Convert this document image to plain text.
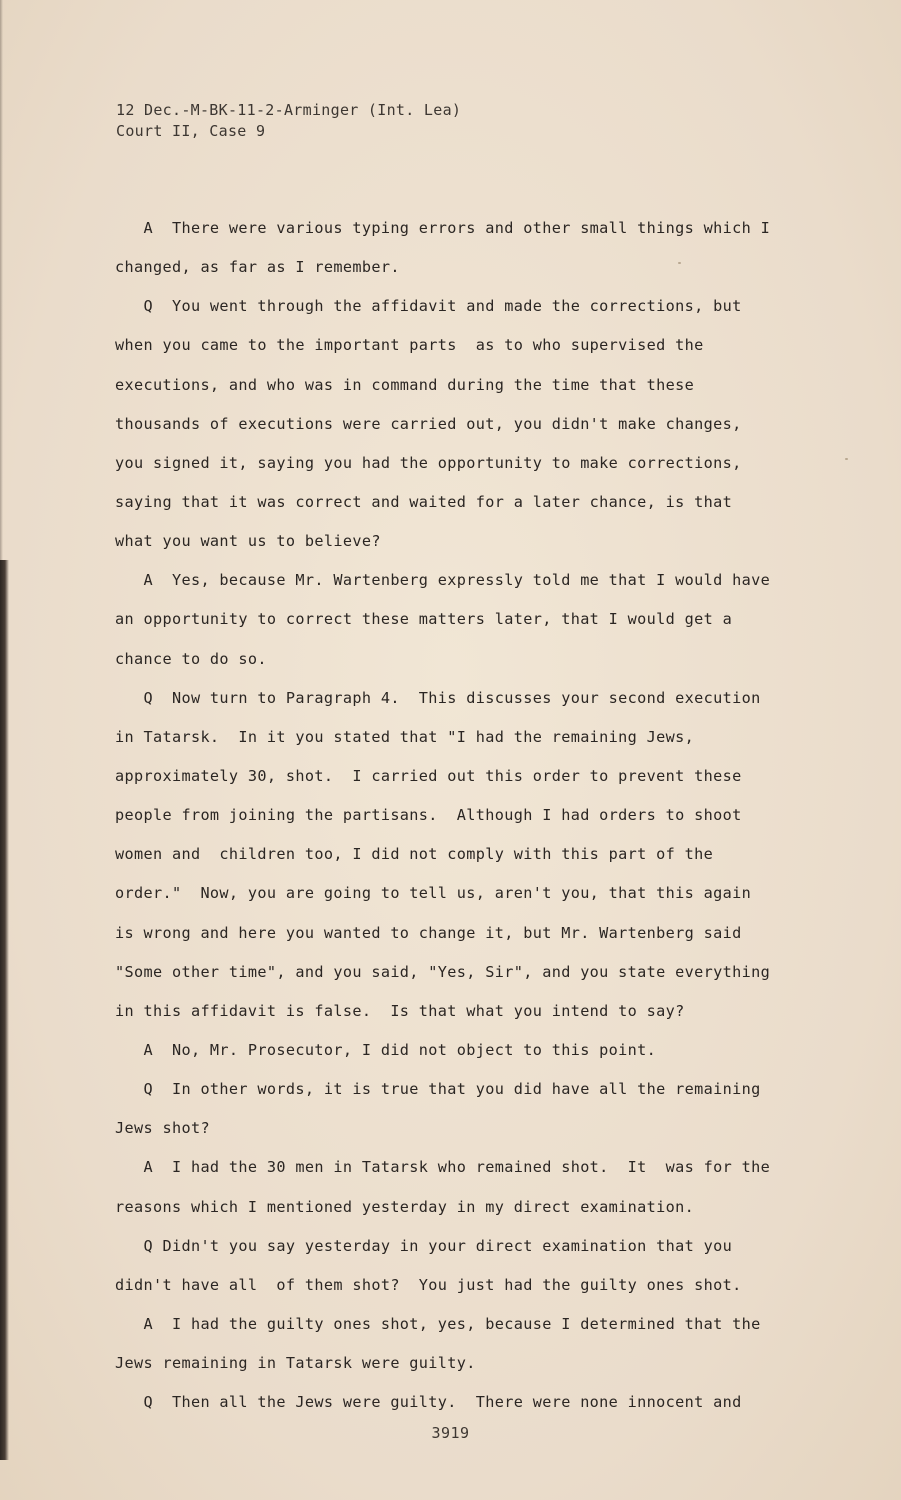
12 Dec.-M-BK-11-2-Arminger (Int. Lea)
Court II, Case 9
A  There were various typing errors and other small things which I
changed, as far as I remember.
Q  You went through the affidavit and made the corrections, but
when you came to the important parts  as to who supervised the
executions, and who was in command during the time that these
thousands of executions were carried out, you didn't make changes,
you signed it, saying you had the opportunity to make corrections,
saying that it was correct and waited for a later chance, is that
what you want us to believe?
A  Yes, because Mr. Wartenberg expressly told me that I would have
an opportunity to correct these matters later, that I would get a
chance to do so.
Q  Now turn to Paragraph 4.  This discusses your second execution
in Tatarsk.  In it you stated that "I had the remaining Jews,
approximately 30, shot.  I carried out this order to prevent these
people from joining the partisans.  Although I had orders to shoot
women and  children too, I did not comply with this part of the
order."  Now, you are going to tell us, aren't you, that this again
is wrong and here you wanted to change it, but Mr. Wartenberg said
"Some other time", and you said, "Yes, Sir", and you state everything
in this affidavit is false.  Is that what you intend to say?
A  No, Mr. Prosecutor, I did not object to this point.
Q  In other words, it is true that you did have all the remaining
Jews shot?
A  I had the 30 men in Tatarsk who remained shot.  It  was for the
reasons which I mentioned yesterday in my direct examination.
Q Didn't you say yesterday in your direct examination that you
didn't have all  of them shot?  You just had the guilty ones shot.
A  I had the guilty ones shot, yes, because I determined that the
Jews remaining in Tatarsk were guilty.
Q  Then all the Jews were guilty.  There were none innocent and
3919
